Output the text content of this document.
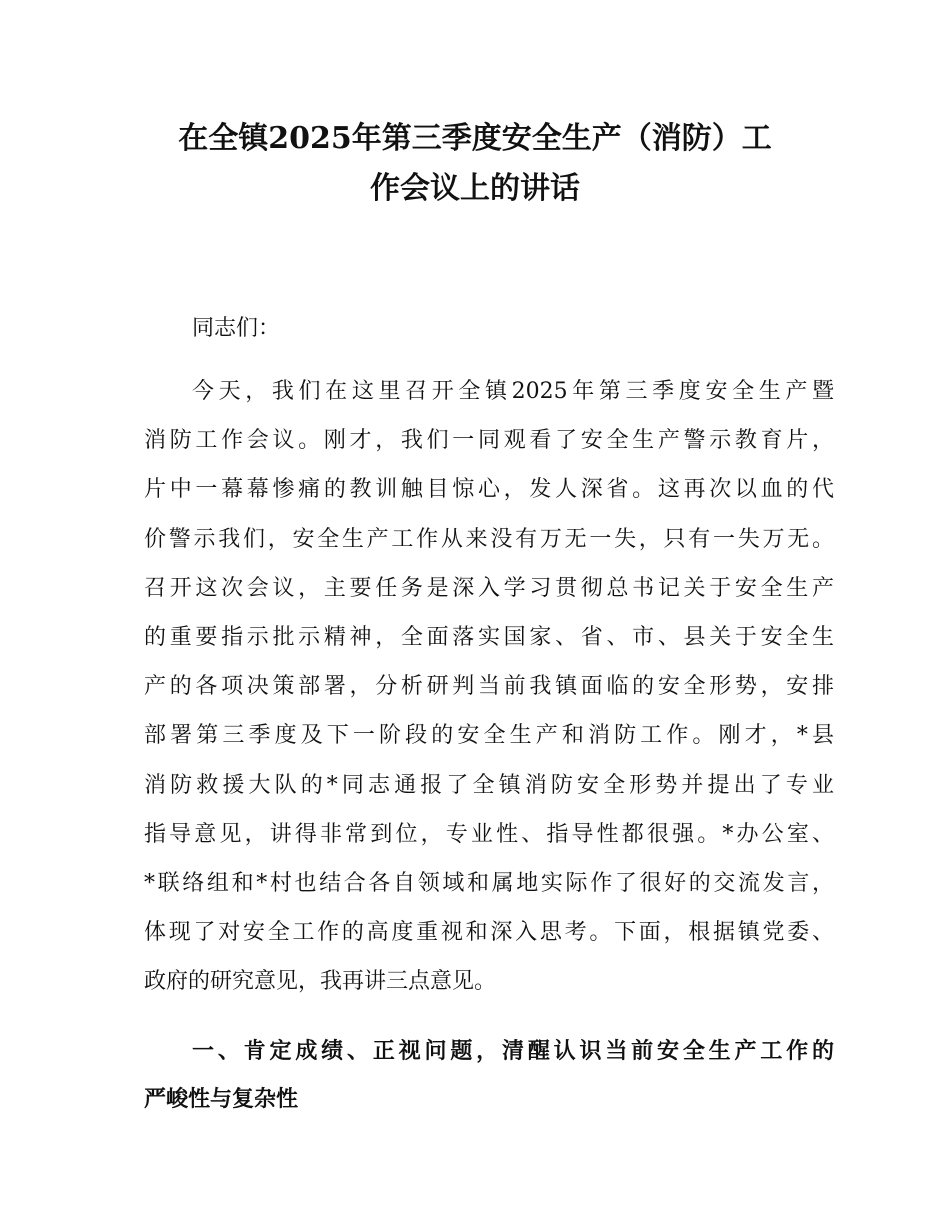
在全镇2025年第三季度安全生产（消防）工
作会议上的讲话
同志们：
今天，我们在这里召开全镇2025年第三季度安全生产暨
消防工作会议。刚才，我们一同观看了安全生产警示教育片，
片中一幕幕惨痛的教训触目惊心，发人深省。这再次以血的代
价警示我们，安全生产工作从来没有万无一失，只有一失万无。
召开这次会议，主要任务是深入学习贯彻总书记关于安全生产
的重要指示批示精神，全面落实国家、省、市、县关于安全生
产的各项决策部署，分析研判当前我镇面临的安全形势，安排
部署第三季度及下一阶段的安全生产和消防工作。刚才，*县
消防救援大队的*同志通报了全镇消防安全形势并提出了专业
指导意见，讲得非常到位，专业性、指导性都很强。*办公室、
*联络组和*村也结合各自领域和属地实际作了很好的交流发言，
体现了对安全工作的高度重视和深入思考。下面，根据镇党委、
政府的研究意见，我再讲三点意见。
一、肯定成绩、正视问题，清醒认识当前安全生产工作的
严峻性与复杂性
